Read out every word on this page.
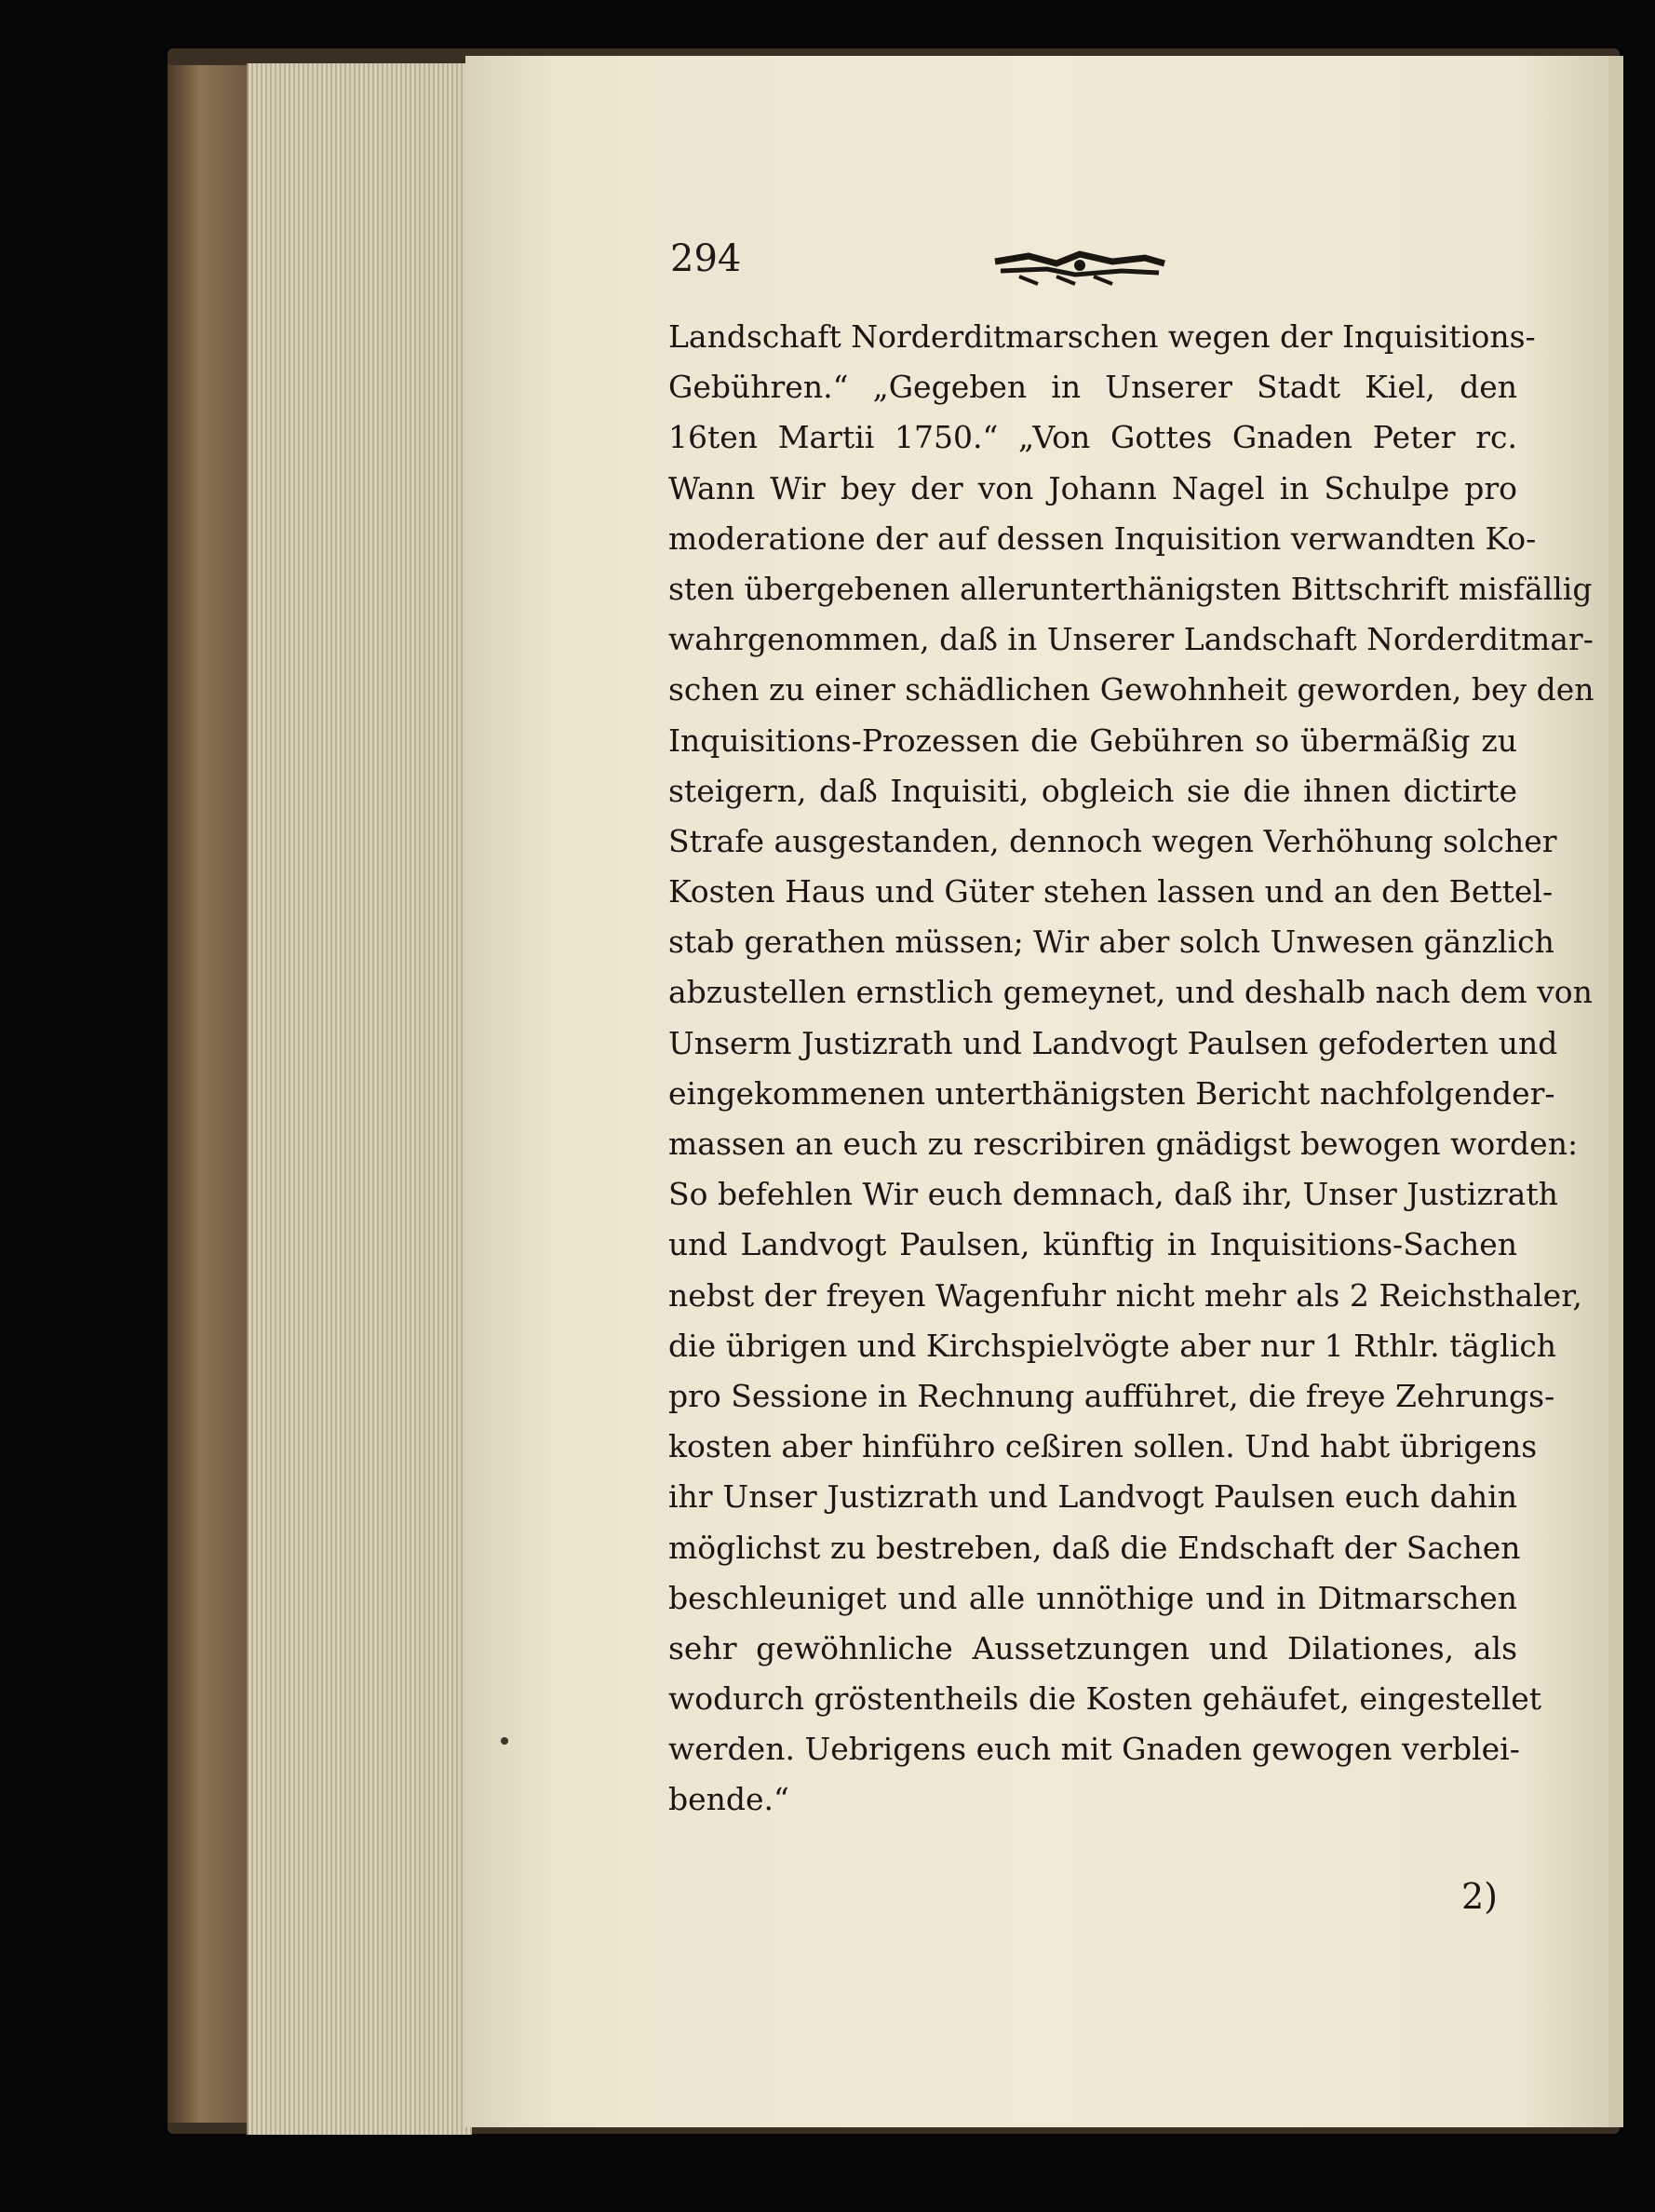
294
Landschaft Norderditmarschen wegen der Inquisitions-
Gebühren.“ „Gegeben in Unserer Stadt Kiel, den
16ten Martii 1750.“ „Von Gottes Gnaden Peter rc.
Wann Wir bey der von Johann Nagel in Schulpe pro
moderatione der auf dessen Inquisition verwandten Ko-
sten übergebenen allerunterthänigsten Bittschrift misfällig
wahrgenommen, daß in Unserer Landschaft Norderditmar-
schen zu einer schädlichen Gewohnheit geworden, bey den
Inquisitions-Prozessen die Gebühren so übermäßig zu
steigern, daß Inquisiti, obgleich sie die ihnen dictirte
Strafe ausgestanden, dennoch wegen Verhöhung solcher
Kosten Haus und Güter stehen lassen und an den Bettel-
stab gerathen müssen; Wir aber solch Unwesen gänzlich
abzustellen ernstlich gemeynet, und deshalb nach dem von
Unserm Justizrath und Landvogt Paulsen gefoderten und
eingekommenen unterthänigsten Bericht nachfolgender-
massen an euch zu rescribiren gnädigst bewogen worden:
So befehlen Wir euch demnach, daß ihr, Unser Justizrath
und Landvogt Paulsen, künftig in Inquisitions-Sachen
nebst der freyen Wagenfuhr nicht mehr als 2 Reichsthaler,
die übrigen und Kirchspielvögte aber nur 1 Rthlr. täglich
pro Sessione in Rechnung aufführet, die freye Zehrungs-
kosten aber hinführo ceßiren sollen. Und habt übrigens
ihr Unser Justizrath und Landvogt Paulsen euch dahin
möglichst zu bestreben, daß die Endschaft der Sachen
beschleuniget und alle unnöthige und in Ditmarschen
sehr gewöhnliche Aussetzungen und Dilationes, als
wodurch gröstentheils die Kosten gehäufet, eingestellet
werden. Uebrigens euch mit Gnaden gewogen verblei-
bende.“
2)
